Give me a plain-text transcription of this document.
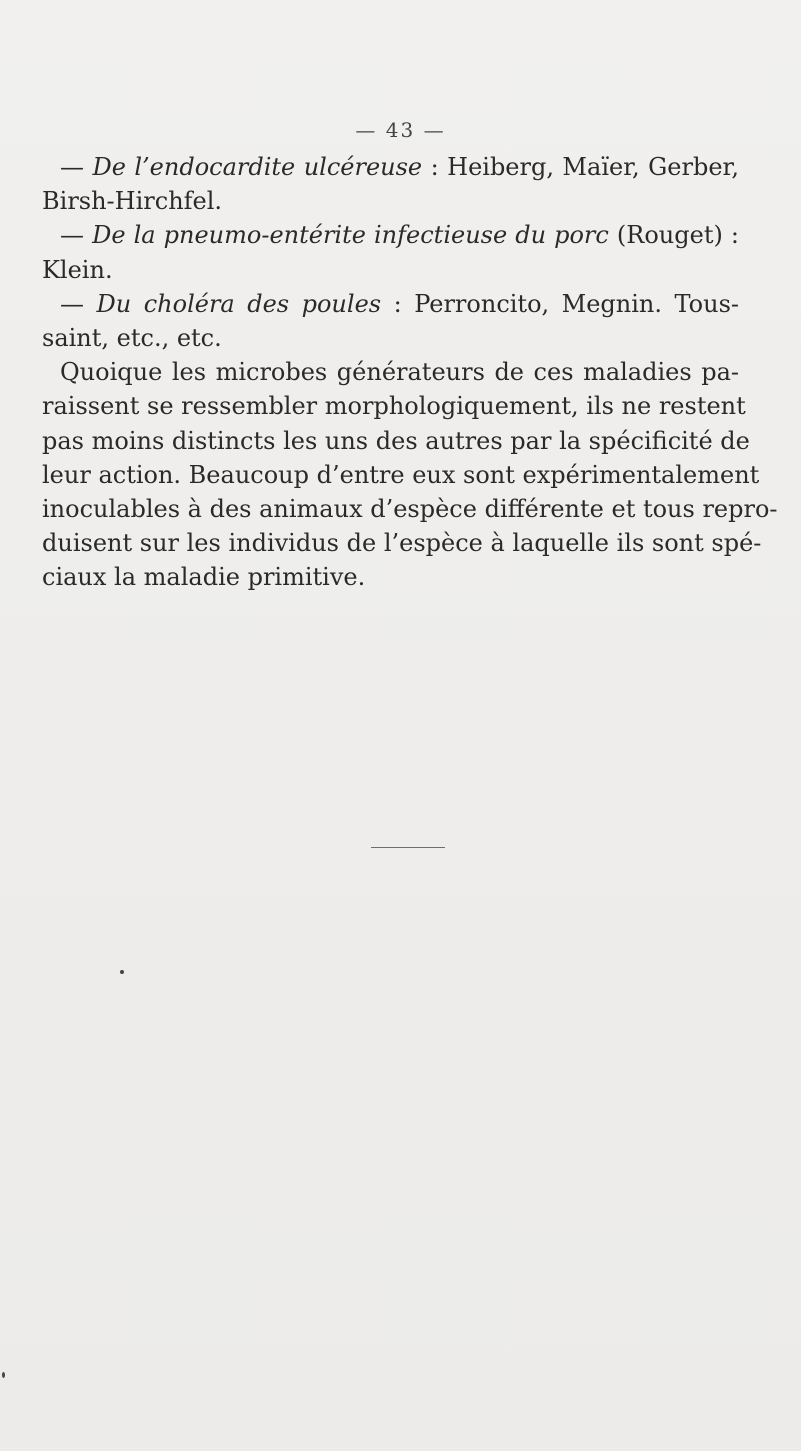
— 43 —
— De l’endocardite ulcéreuse : Heiberg, Maïer, Gerber,
Birsh-Hirchfel.
— De la pneumo-entérite infectieuse du porc (Rouget) :
Klein.
— Du choléra des poules : Perroncito, Megnin. Tous-
saint, etc., etc.
Quoique les microbes générateurs de ces maladies pa-
raissent se ressembler morphologiquement, ils ne restent
pas moins distincts les uns des autres par la spécificité de
leur action. Beaucoup d’entre eux sont expérimentalement
inoculables à des animaux d’espèce différente et tous repro-
duisent sur les individus de l’espèce à laquelle ils sont spé-
ciaux la maladie primitive.
